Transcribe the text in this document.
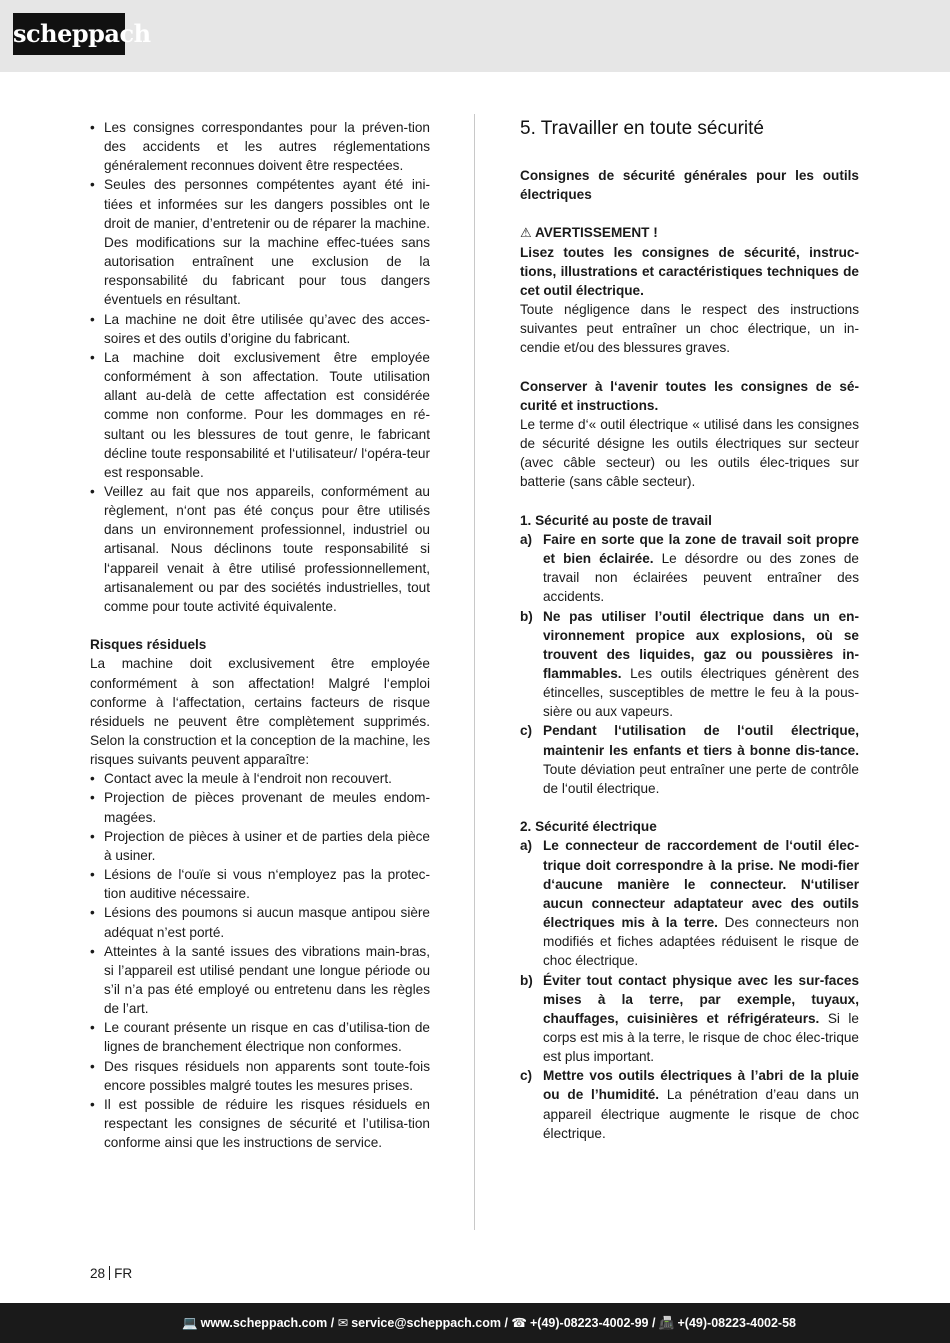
scheppach
• Les consignes correspondantes pour la préven-tion des accidents et les autres réglementations généralement reconnues doivent être respectées.
• Seules des personnes compétentes ayant été ini-tiées et informées sur les dangers possibles ont le droit de manier, d’entretenir ou de réparer la machine. Des modifications sur la machine effec-tuées sans autorisation entraînent une exclusion de la responsabilité du fabricant pour tous dangers éventuels en résultant.
• La machine ne doit être utilisée qu’avec des acces-soires et des outils d’origine du fabricant.
• La machine doit exclusivement être employée conformément à son affectation. Toute utilisation allant au-delà de cette affectation est considérée comme non conforme. Pour les dommages en ré-sultant ou les blessures de tout genre, le fabricant décline toute responsabilité et l‘utilisateur/ l‘opéra-teur est responsable.
• Veillez au fait que nos appareils, conformément au règlement, n‘ont pas été conçus pour être utilisés dans un environnement professionnel, industriel ou artisanal. Nous déclinons toute responsabilité si l‘appareil venait à être utilisé professionnellement, artisanalement ou par des sociétés industrielles, tout comme pour toute activité équivalente.

Risques résiduels

La machine doit exclusivement être employée conformément à son affectation! Malgré l‘emploi conforme à l‘affectation, certains facteurs de risque résiduels ne peuvent être complètement supprimés. Selon la construction et la conception de la machine, les risques suivants peuvent apparaître:

• Contact avec la meule à l‘endroit non recouvert.
• Projection de pièces provenant de meules endom-magées.
• Projection de pièces à usiner et de parties dela pièce à usiner.
• Lésions de l‘ouïe si vous n‘employez pas la protec-tion auditive nécessaire.
• Lésions des poumons si aucun masque antipou sière adéquat n’est porté.
• Atteintes à la santé issues des vibrations main-bras, si l’appareil est utilisé pendant une longue période ou s’il n’a pas été employé ou entretenu dans les règles de l’art.
• Le courant présente un risque en cas d’utilisa-tion de lignes de branchement électrique non conformes.
• Des risques résiduels non apparents sont toute-fois encore possibles malgré toutes les mesures prises.
• Il est possible de réduire les risques résiduels en respectant les consignes de sécurité et l’utilisa-tion conforme ainsi que les instructions de service.
5. Travailler en toute sécurité

Consignes de sécurité générales pour les outils électriques

⚠ AVERTISSEMENT !

Lisez toutes les consignes de sécurité, instruc-tions, illustrations et caractéristiques techniques de cet outil électrique.

Toute négligence dans le respect des instructions suivantes peut entraîner un choc électrique, un in-cendie et/ou des blessures graves.

Conserver à l‘avenir toutes les consignes de sé-curité et instructions.

Le terme d‘« outil électrique « utilisé dans les consignes de sécurité désigne les outils électriques sur secteur (avec câble secteur) ou les outils élec-triques sur batterie (sans câble secteur).

1. Sécurité au poste de travail

a) Faire en sorte que la zone de travail soit propre et bien éclairée. Le désordre ou des zones de travail non éclairées peuvent entraîner des accidents.
b) Ne pas utiliser l’outil électrique dans un en-vironnement propice aux explosions, où se trouvent des liquides, gaz ou poussières in-flammables. Les outils électriques génèrent des étincelles, susceptibles de mettre le feu à la pous-sière ou aux vapeurs.
c) Pendant l‘utilisation de l‘outil électrique, maintenir les enfants et tiers à bonne dis-tance. Toute déviation peut entraîner une perte de contrôle de l‘outil électrique.

2. Sécurité électrique

a) Le connecteur de raccordement de l‘outil élec-trique doit correspondre à la prise. Ne modi-fier d‘aucune manière le connecteur. N‘utiliser aucun connecteur adaptateur avec des outils électriques mis à la terre. Des connecteurs non modifiés et fiches adaptées réduisent le risque de choc électrique.
b) Éviter tout contact physique avec les sur-faces mises à la terre, par exemple, tuyaux, chauffages, cuisinières et réfrigérateurs. Si le corps est mis à la terre, le risque de choc élec-trique est plus important.
c) Mettre vos outils électriques à l’abri de la pluie ou de l’humidité. La pénétration d’eau dans un appareil électrique augmente le risque de choc électrique.
28 FR
💻 www.scheppach.com / ✉ service@scheppach.com / ☎ +(49)-08223-4002-99 / 📠 +(49)-08223-4002-58
